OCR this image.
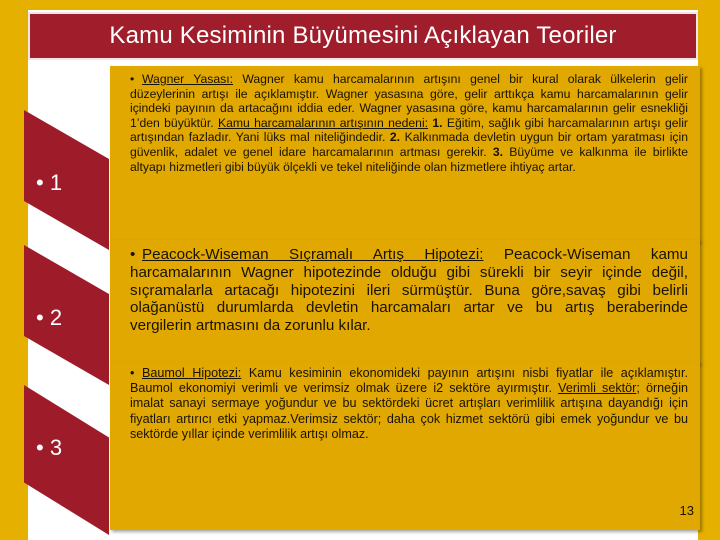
Kamu Kesiminin Büyümesini Açıklayan Teoriler
• 1
• 2
• 3

• Wagner Yasası: Wagner kamu harcamalarının artışını genel bir kural olarak ülkelerin gelir düzeylerinin artışı ile açıklamıştır. Wagner yasasına göre, gelir arttıkça kamu harcamalarının gelir içindeki payının da artacağını iddia eder. Wagner yasasına göre, kamu harcamalarının gelir esnekliği 1’den büyüktür. Kamu harcamalarının artışının nedeni: 1. Eğitim, sağlık gibi harcamalarının artışı gelir artışından fazladır. Yani lüks mal niteliğindedir. 2. Kalkınmada devletin uygun bir ortam yaratması için güvenlik, adalet ve genel idare harcamalarının artması gerekir. 3. Büyüme ve kalkınma ile birlikte altyapı hizmetleri gibi büyük ölçekli ve tekel niteliğinde olan hizmetlere ihtiyaç artar.

• Peacock-Wiseman Sıçramalı Artış Hipotezi: Peacock-Wiseman kamu harcamalarının Wagner hipotezinde olduğu gibi sürekli bir seyir içinde değil, sıçramalarla artacağı hipotezini ileri sürmüştür. Buna göre,savaş gibi belirli olağanüstü durumlarda devletin harcamaları artar ve bu artış beraberinde vergilerin artmasını da zorunlu kılar.

• Baumol Hipotezi: Kamu kesiminin ekonomideki payının artışını nisbi fiyatlar ile açıklamıştır. Baumol ekonomiyi verimli ve verimsiz olmak üzere i2 sektöre ayırmıştır. Verimli sektör; örneğin imalat sanayi sermaye yoğundur ve bu sektördeki ücret artışları verimlilik artışına dayandığı için fiyatları artırıcı etki yapmaz.Verimsiz sektör; daha çok hizmet sektörü gibi emek yoğundur ve bu sektörde yıllar içinde verimlilik artışı olmaz.

13
